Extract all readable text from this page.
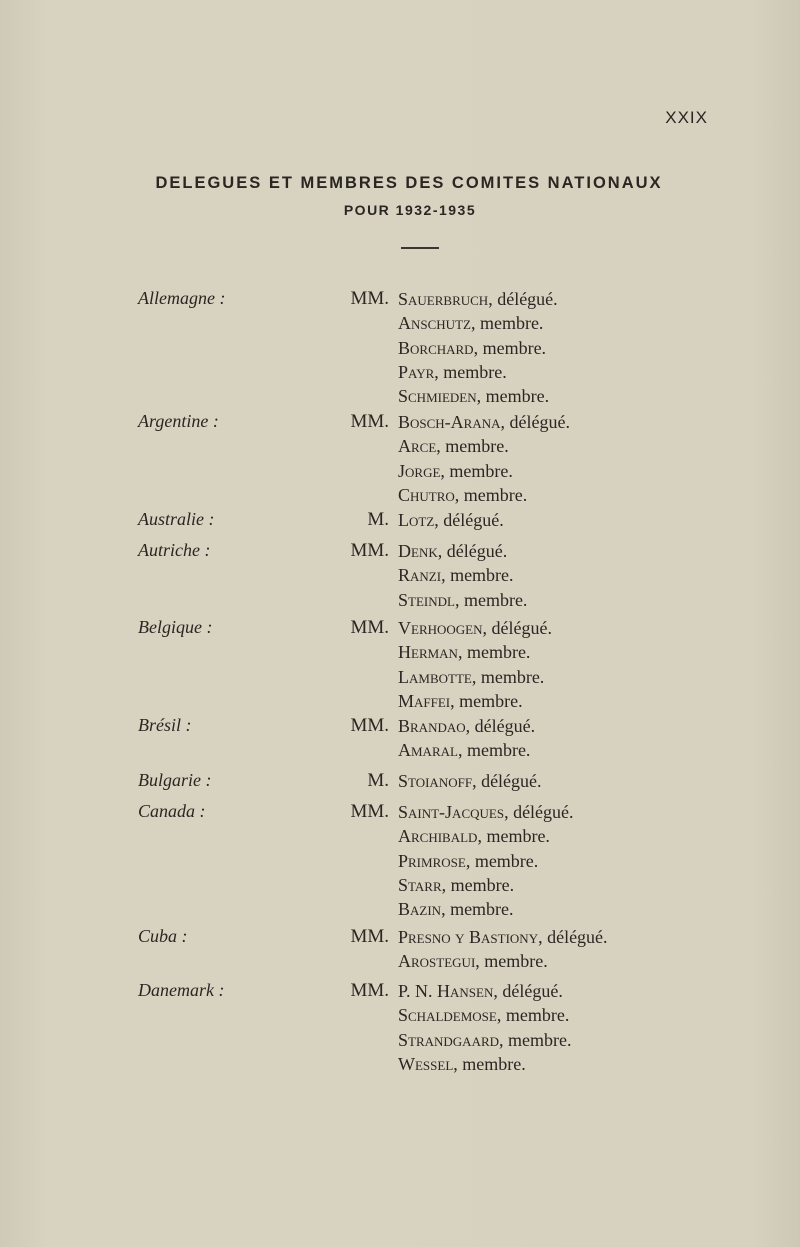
XXIX
DELEGUES ET MEMBRES DES COMITES NATIONAUX
POUR 1932-1935
Allemagne :	MM. Sauerbruch, délégué.
Anschutz, membre.
Borchard, membre.
Payr, membre.
Schmieden, membre.
Argentine :	MM. Bosch-Arana, délégué.
Arce, membre.
Jorge, membre.
Chutro, membre.
Australie :	M. Lotz, délégué.
Autriche :	MM. Denk, délégué.
Ranzi, membre.
Steindl, membre.
Belgique :	MM. Verhoogen, délégué.
Herman, membre.
Lambotte, membre.
Maffei, membre.
Brésil :	MM. Brandao, délégué.
Amaral, membre.
Bulgarie :	M. Stoianoff, délégué.
Canada :	MM. Saint-Jacques, délégué.
Archibald, membre.
Primrose, membre.
Starr, membre.
Bazin, membre.
Cuba :	MM. Presno y Bastiony, délégué.
Arostegui, membre.
Danemark :	MM. P. N. Hansen, délégué.
Schaldemose, membre.
Strandgaard, membre.
Wessel, membre.
